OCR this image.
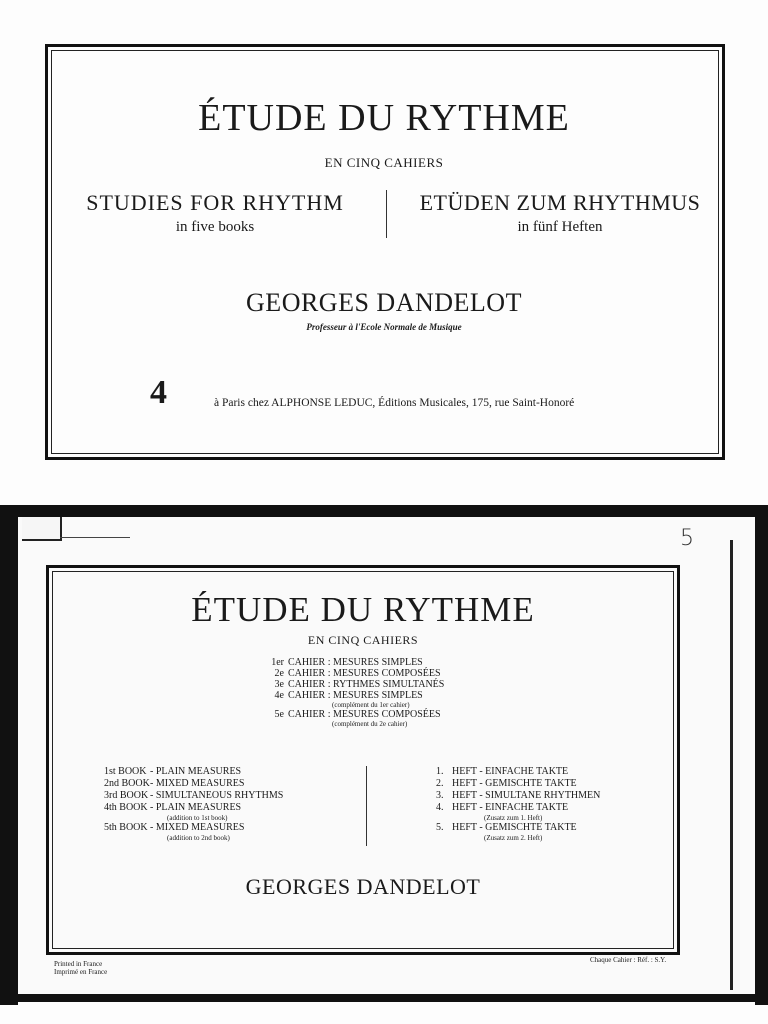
ÉTUDE DU RYTHME
EN CINQ CAHIERS
STUDIES FOR RHYTHM
in five books
ETÜDEN ZUM RHYTHMUS
in fünf Heften
GEORGES DANDELOT
Professeur à l'Ecole Normale de Musique
4	à Paris chez ALPHONSE LEDUC, Éditions Musicales, 175, rue Saint-Honoré
5
ÉTUDE DU RYTHME
EN CINQ CAHIERS
1er CAHIER : MESURES SIMPLES
2e CAHIER : MESURES COMPOSÉES
3e CAHIER : RYTHMES SIMULTANÉS
4e CAHIER : MESURES SIMPLES
(complément du 1er cahier)
5e CAHIER : MESURES COMPOSÉES
(complément du 2e cahier)
1st BOOK - PLAIN MEASURES
2nd BOOK- MIXED MEASURES
3rd BOOK - SIMULTANEOUS RHYTHMS
4th BOOK - PLAIN MEASURES
(addition to 1st book)
5th BOOK - MIXED MEASURES
(addition to 2nd book)
1. HEFT - EINFACHE TAKTE
2. HEFT - GEMISCHTE TAKTE
3. HEFT - SIMULTANE RHYTHMEN
4. HEFT - EINFACHE TAKTE
(Zusatz zum 1. Heft)
5. HEFT - GEMISCHTE TAKTE
(Zusatz zum 2. Heft)
GEORGES DANDELOT
Printed in France
Imprimé en France
Chaque Cahier : Réf. : S.Y.
